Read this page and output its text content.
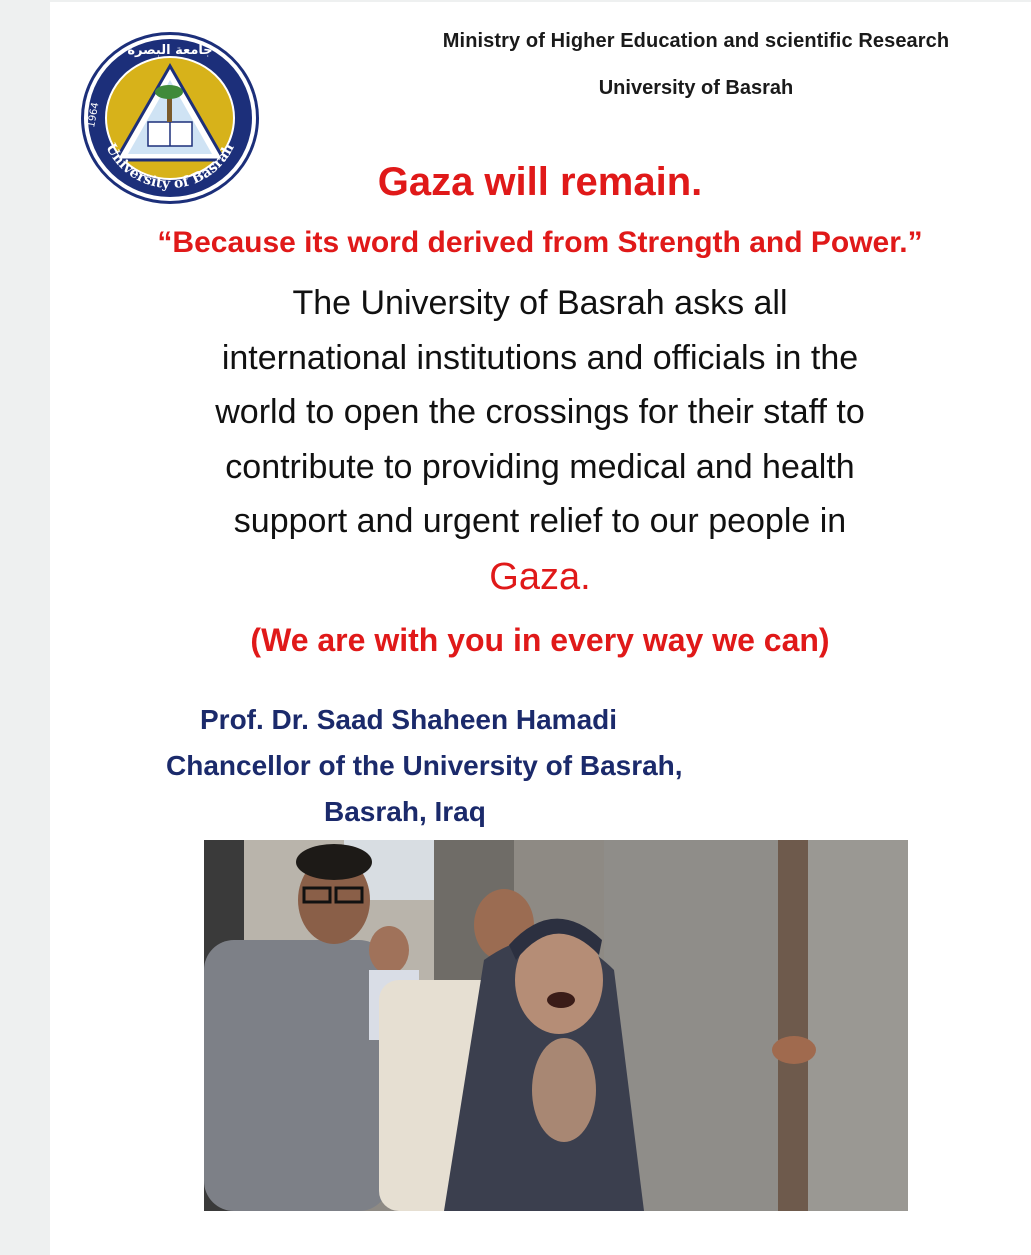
University of Basrah
1964
جامعة البصرة	Ministry of Higher Education and scientific Research
University of Basrah
Gaza will remain.
“Because its word derived from Strength and Power.”
The University of Basrah asks all
international institutions and officials in the
world to open the crossings for their staff to
contribute to providing medical and health
support and urgent relief to our people in
Gaza.
(We are with you in every way we can)
Prof. Dr. Saad Shaheen Hamadi
Chancellor of the University of Basrah,
Basrah, Iraq
